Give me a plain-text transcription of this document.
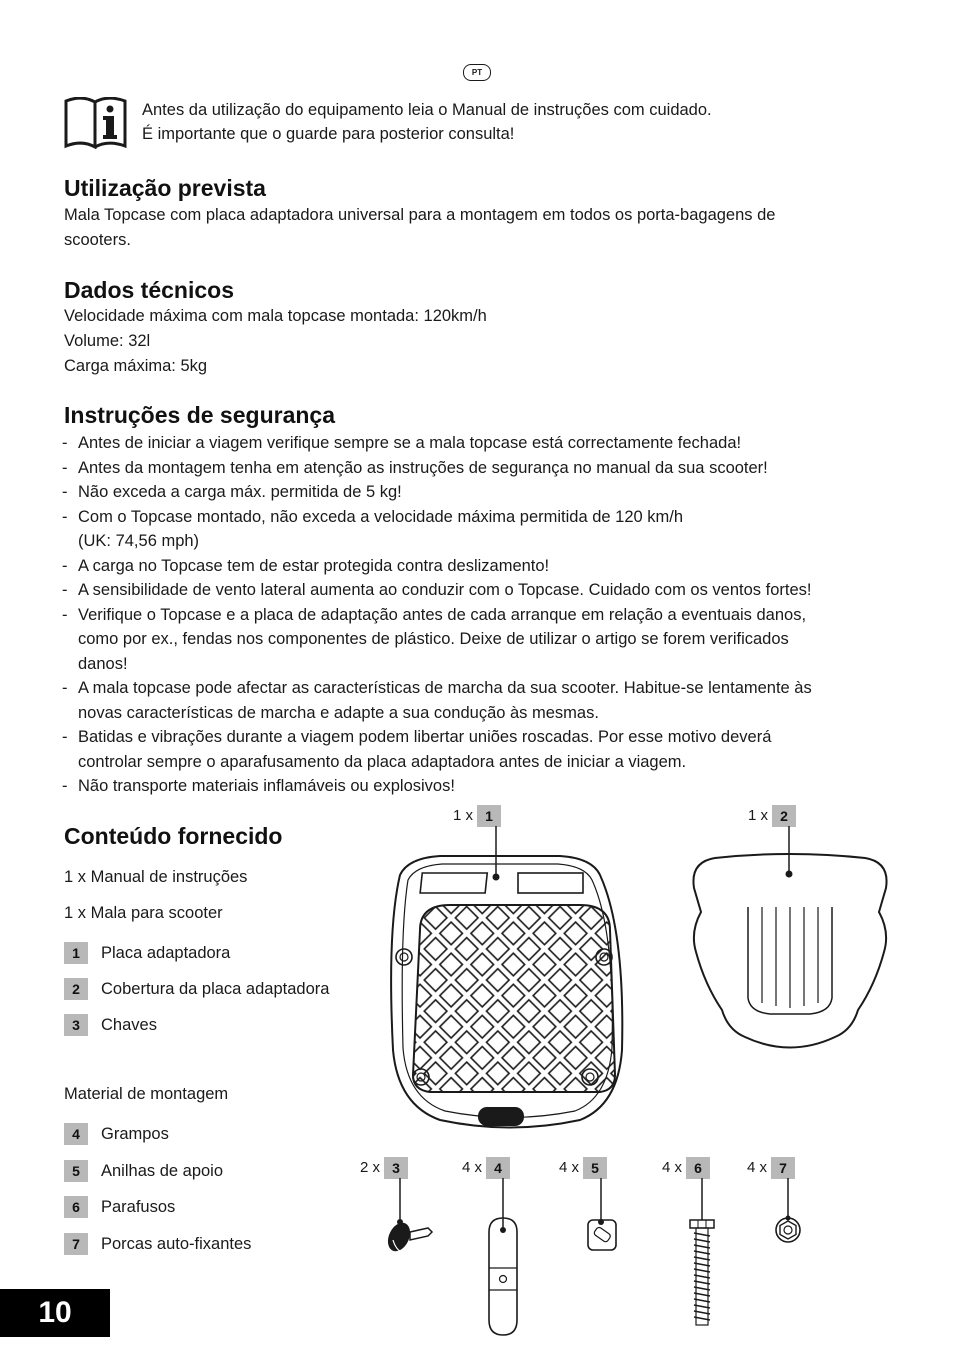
PT
Antes da utilização do equipamento leia o Manual de instruções com cuidado.
É importante que o guarde para posterior consulta!
Utilização prevista
Mala Topcase com placa adaptadora universal para a montagem em todos os porta-bagagens de
scooters.
Dados técnicos
Velocidade máxima com mala topcase montada: 120km/h
Volume: 32l
Carga máxima: 5kg
Instruções de segurança
- Antes de iniciar a viagem verifique sempre se a mala topcase está correctamente fechada!
- Antes da montagem tenha em atenção as instruções de segurança no manual da sua scooter!
- Não exceda a carga máx. permitida de 5 kg!
- Com o Topcase montado, não exceda a velocidade máxima permitida de 120 km/h
(UK: 74,56 mph)
- A carga no Topcase tem de estar protegida contra deslizamento!
- A sensibilidade de vento lateral aumenta ao conduzir com o Topcase. Cuidado com os ventos fortes!
- Verifique o Topcase e a placa de adaptação antes de cada arranque em relação a eventuais danos,
como por ex., fendas nos componentes de plástico. Deixe de utilizar o artigo se forem verificados
danos!
- A mala topcase pode afectar as características de marcha da sua scooter. Habitue-se lentamente às
novas características de marcha e adapte a sua condução às mesmas.
- Batidas e vibrações durante a viagem podem libertar uniões roscadas. Por esse motivo deverá
controlar sempre o aparafusamento da placa adaptadora antes de iniciar a viagem.
- Não transporte materiais inflamáveis ou explosivos!
Conteúdo fornecido
1 x Manual de instruções
1 x Mala para scooter
1	Placa adaptadora
2	Cobertura da placa adaptadora
3	Chaves
Material de montagem
4	Grampos
5	Anilhas de apoio
6	Parafusos
7	Porcas auto-fixantes
1 x 1	1 x 2
2 x 3	4 x 4	4 x 5	4 x 6	4 x 7
10
